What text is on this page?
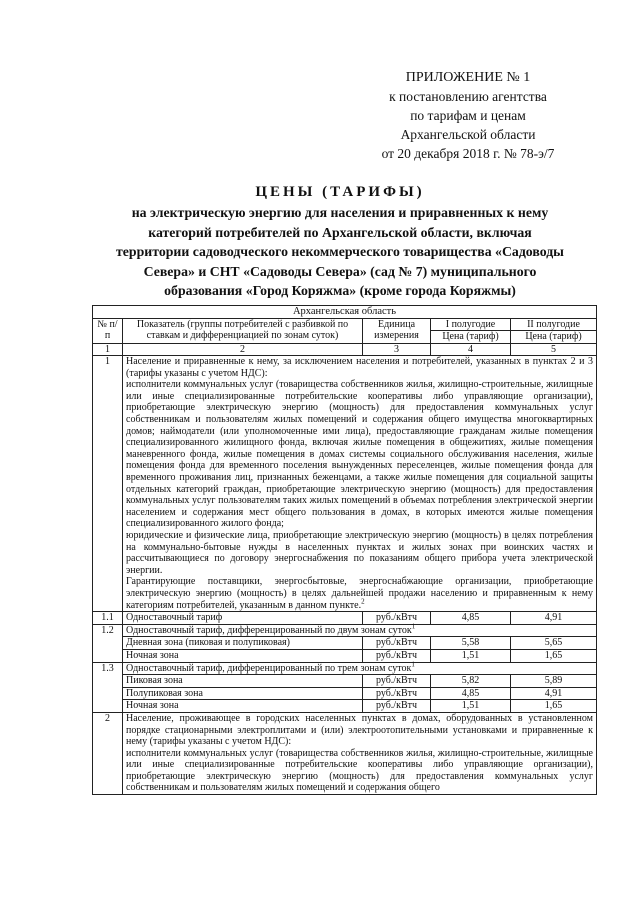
ПРИЛОЖЕНИЕ № 1
к постановлению агентства
по тарифам и ценам
Архангельской области
от 20 декабря 2018 г. № 78-э/7
ЦЕНЫ (ТАРИФЫ)
на электрическую энергию для населения и приравненных к нему
категорий потребителей по Архангельской области, включая
территории садоводческого некоммерческого товарищества «Садоводы
Севера» и СНТ «Садоводы Севера» (сад № 7) муниципального
образования «Город Коряжма» (кроме города Коряжмы)
Архангельская область				
№ п/п	Показатель (группы потребителей с разбивкой по ставкам и дифференциацией по зонам суток)	Единица измерения	I полугодие	II полугодие
			Цена (тариф)	Цена (тариф)
1	2	3	4	5
1	Население и приравненные к нему, за исключением населения и потребителей, указанных в пунктах 2 и 3 (тарифы указаны с учетом НДС):
исполнители коммунальных услуг (товарищества собственников жилья, жилищно-строительные, жилищные или иные специализированные потребительские кооперативы либо управляющие организации), приобретающие электрическую энергию (мощность) для предоставления коммунальных услуг собственникам и пользователям жилых помещений и содержания общего имущества многоквартирных домов; наймодатели (или уполномоченные ими лица), предоставляющие гражданам жилые помещения специализированного жилищного фонда, включая жилые помещения в общежитиях, жилые помещения маневренного фонда, жилые помещения в домах системы социального обслуживания населения, жилые помещения фонда для временного поселения вынужденных переселенцев, жилые помещения фонда для временного проживания лиц, признанных беженцами, а также жилые помещения для социальной защиты отдельных категорий граждан, приобретающие электрическую энергию (мощность) для предоставления коммунальных услуг пользователям таких жилых помещений в объемах потребления электрической энергии населением и содержания мест общего пользования в домах, в которых имеются жилые помещения специализированного жилого фонда;
юридические и физические лица, приобретающие электрическую энергию (мощность) в целях потребления на коммунально-бытовые нужды в населенных пунктах и жилых зонах при воинских частях и рассчитывающиеся по договору энергоснабжения по показаниям общего прибора учета электрической энергии.
Гарантирующие поставщики, энергосбытовые, энергоснабжающие организации, приобретающие электрическую энергию (мощность) в целях дальнейшей продажи населению и приравненным к нему категориям потребителей, указанным в данном пункте.$^2$

1.1	Одноставочный тариф	руб./кВтч	4,85	4,91
1.2	Одноставочный тариф, дифференцированный по двум зонам суток$^1$
	Дневная зона (пиковая и полупиковая)	руб./кВтч	5,58	5,65
	Ночная зона	руб./кВтч	1,51	1,65
1.3	Одноставочный тариф, дифференцированный по трем зонам суток$^1$
	Пиковая зона	руб./кВтч	5,82	5,89
	Полупиковая зона	руб./кВтч	4,85	4,91
	Ночная зона	руб./кВтч	1,51	1,65
2	Население, проживающее в городских населенных пунктах в домах, оборудованных в установленном порядке стационарными электроплитами и (или) электроотопительными установками и приравненные к нему (тарифы указаны с учетом НДС):
исполнители коммунальных услуг (товарищества собственников жилья, жилищно-строительные, жилищные или иные специализированные потребительские кооперативы либо управляющие организации), приобретающие электрическую энергию (мощность) для предоставления коммунальных услуг собственникам и пользователям жилых помещений и содержания общего			
